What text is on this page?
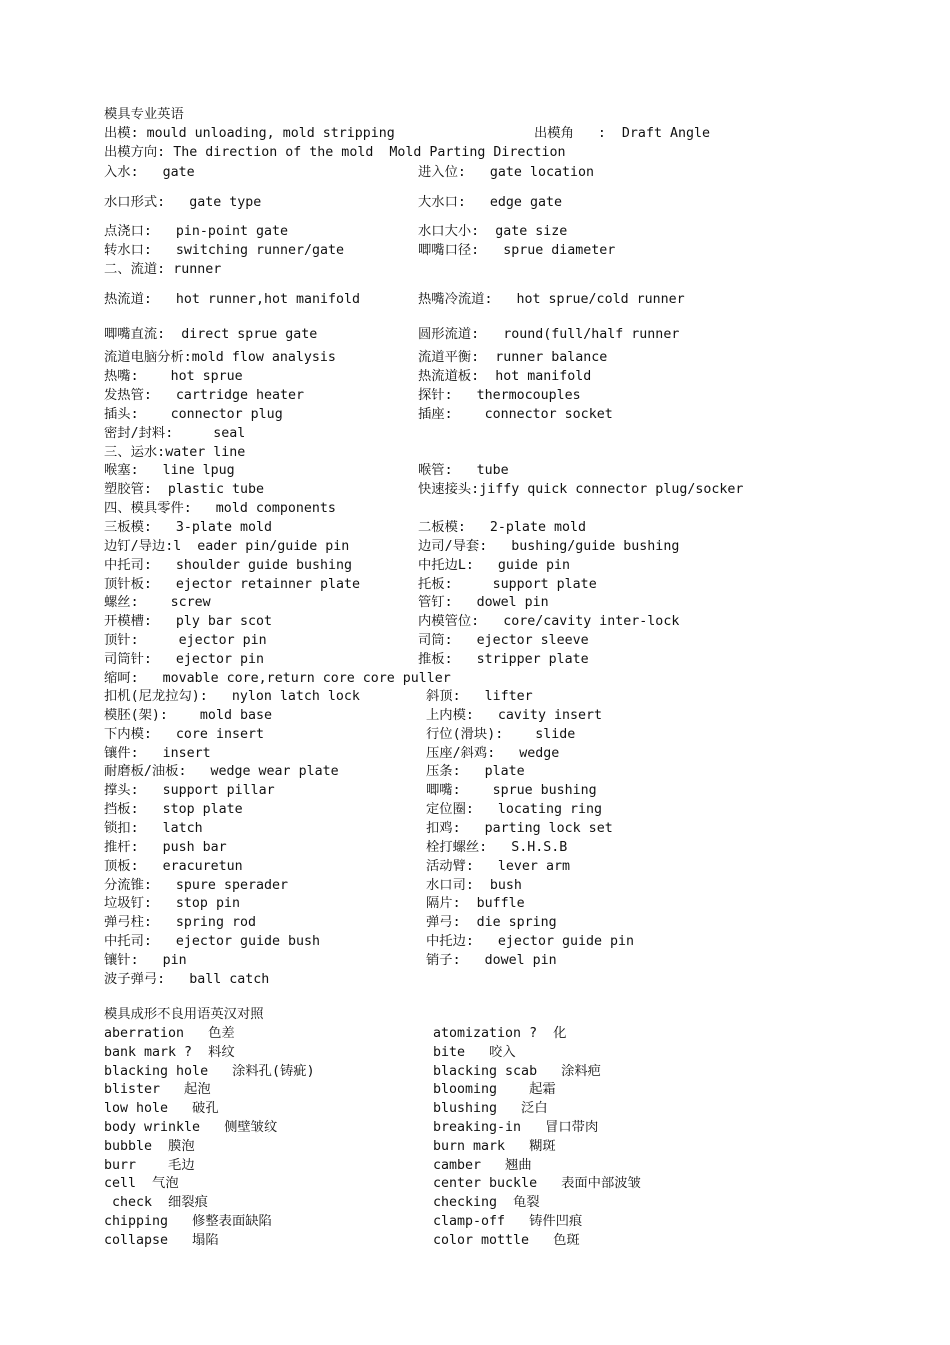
模具专业英语

出模: mould unloading, mold stripping	出模角   :  Draft Angle
出模方向: The direction of the mold  Mold Parting Direction
入水:   gate	进入位:   gate location
水口形式:   gate type	大水口:   edge gate
点浇口:   pin-point gate	水口大小:  gate size
转水口:   switching runner/gate	唧嘴口径:   sprue diameter
二、流道: runner
热流道:   hot runner,hot manifold	热嘴冷流道:   hot sprue/cold runner
唧嘴直流:  direct sprue gate	圆形流道:   round(full/half runner
流道电脑分析:mold flow analysis	流道平衡:  runner balance
热嘴:    hot sprue	热流道板:  hot manifold
发热管:   cartridge heater	探针:   thermocouples
插头:    connector plug	插座:    connector socket
密封/封料:     seal
三、运水:water line
喉塞:   line lpug	喉管:   tube
塑胶管:  plastic tube	快速接头:jiffy quick connector plug/socker
四、模具零件:   mold components
三板模:   3-plate mold	二板模:   2-plate mold
边钉/导边:l  eader pin/guide pin	边司/导套:   bushing/guide bushing
中托司:   shoulder guide bushing	中托边L:   guide pin
顶针板:   ejector retainner plate	托板:     support plate
螺丝:    screw	管钉:   dowel pin
开模槽:   ply bar scot	内模管位:   core/cavity inter-lock
顶针:     ejector pin	司筒:   ejector sleeve
司筒针:   ejector pin	推板:   stripper plate
缩呵:   movable core,return core core puller
扣机(尼龙拉勾):   nylon latch lock	斜顶:   lifter
模胚(架):    mold base	上内模:   cavity insert
下内模:   core insert	行位(滑块):    slide
镶件:   insert	压座/斜鸡:   wedge
耐磨板/油板:   wedge wear plate	压条:   plate
撑头:   support pillar	唧嘴:    sprue bushing
挡板:   stop plate	定位圈:   locating ring
锁扣:   latch	扣鸡:   parting lock set
推杆:   push bar	栓打螺丝:   S.H.S.B
顶板:   eracuretun	活动臂:   lever arm
分流锥:   spure sperader	水口司:  bush
垃圾钉:   stop pin	隔片:  buffle
弹弓柱:   spring rod	弹弓:  die spring
中托司:   ejector guide bush	中托边:   ejector guide pin
镶针:   pin	销子:   dowel pin
波子弹弓:   ball catch
模具成形不良用语英汉对照
aberration   色差	atomization ?  化
bank mark ?  料纹	bite   咬入
blacking hole   涂料孔(铸疵)	blacking scab   涂料疤
blister   起泡	blooming    起霜
low hole   破孔	blushing   泛白
body wrinkle   侧壁皱纹	breaking-in   冒口带肉
bubble  膜泡	burn mark   糊斑
burr    毛边	camber   翘曲
cell  气泡	center buckle   表面中部波皱
check  细裂痕	checking  龟裂
chipping   修整表面缺陷	clamp-off   铸件凹痕
collapse   塌陷	color mottle   色斑
